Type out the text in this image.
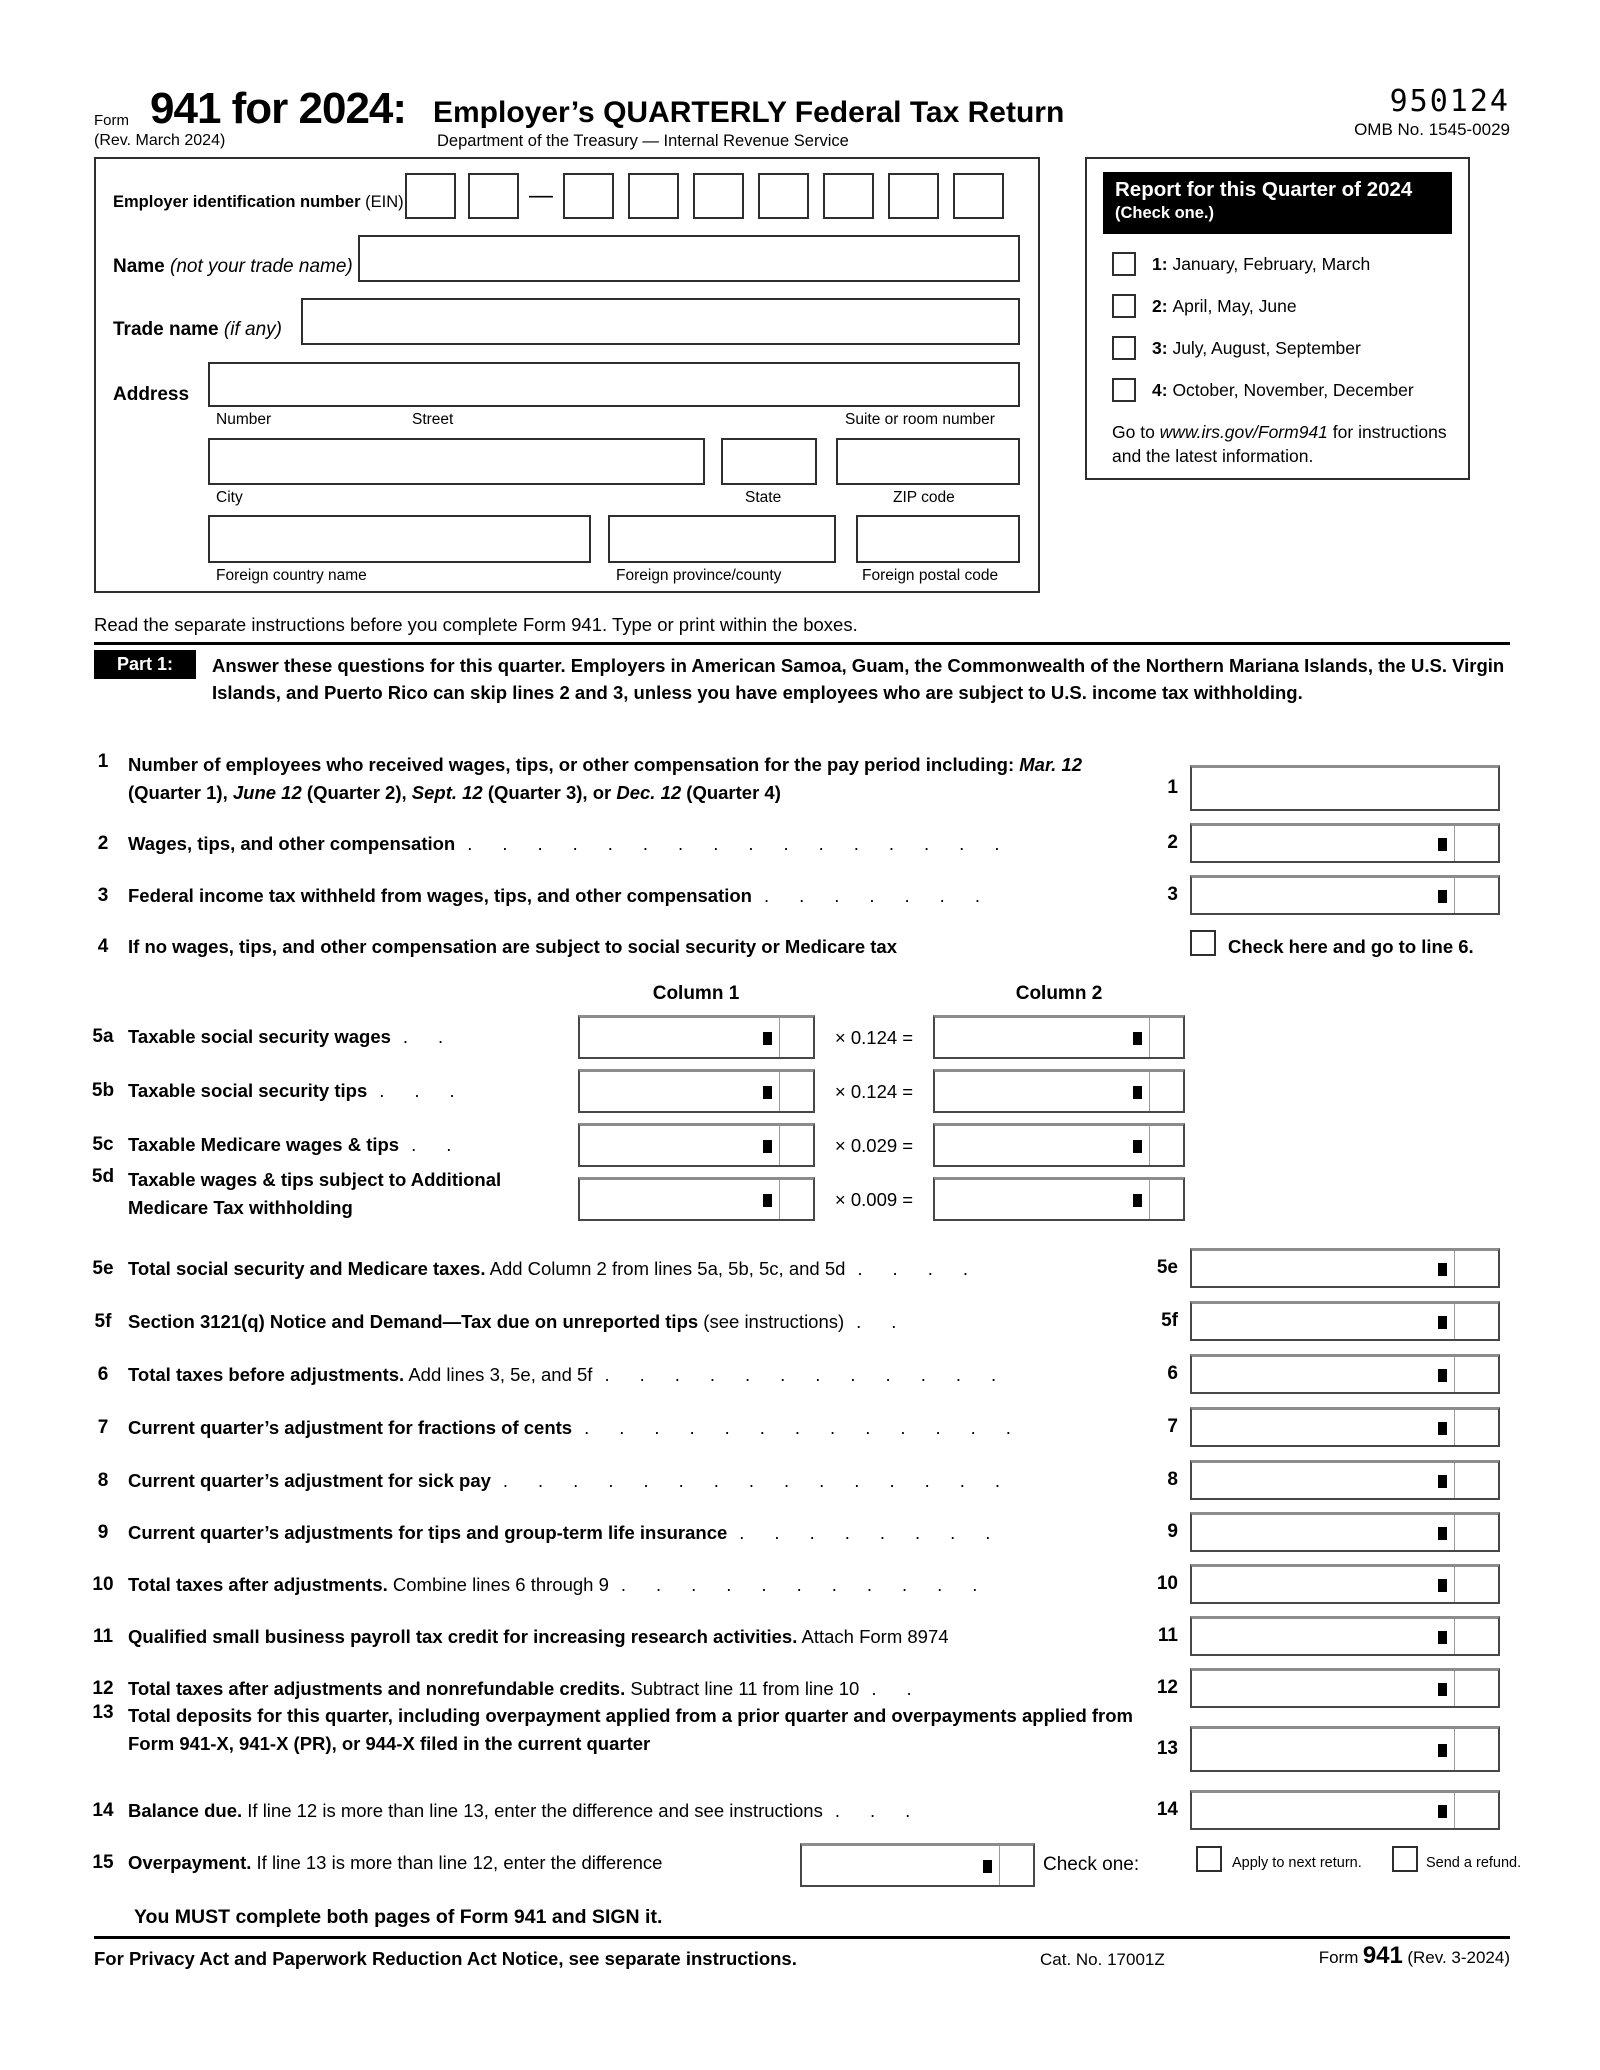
Form 941 for 2024:
(Rev. March 2024)
Employer’s QUARTERLY Federal Tax Return
Department of the Treasury — Internal Revenue Service
950124
OMB No. 1545-0029
Employer identification number (EIN)	—
Name (not your trade name)
Trade name (if any)
Address
Number	Street	Suite or room number
City	State	ZIP code
Foreign country name	Foreign province/county	Foreign postal code
Report for this Quarter of 2024
(Check one.)
Go to www.irs.gov/Form941 for instructions and the latest information.
Read the separate instructions before you complete Form 941. Type or print within the boxes.
Part 1:	Answer these questions for this quarter. Employers in American Samoa, Guam, the Commonwealth of the Northern Mariana Islands, the U.S. Virgin Islands, and Puerto Rico can skip lines 2 and 3, unless you have employees who are subject to U.S. income tax withholding.
Column 1	Column 2
You MUST complete both pages of Form 941 and SIGN it.
For Privacy Act and Paperwork Reduction Act Notice, see separate instructions.	Cat. No. 17001Z	Form 941 (Rev. 3-2024)
1: January, February, March
2: April, May, June
3: July, August, September
4: October, November, December
1	Number of employees who received wages, tips, or other compensation for the pay period including: Mar. 12 (Quarter 1), June 12 (Quarter 2), Sept. 12 (Quarter 3), or Dec. 12 (Quarter 4)	1
2	Wages, tips, and other compensation ................	2
3	Federal income tax withheld from wages, tips, and other compensation .......	3
4	If no wages, tips, and other compensation are subject to social security or Medicare tax	Check here and go to line 6.
5a Taxable social security wages ..	× 0.124 =
5b Taxable social security tips ...	× 0.124 =
5c Taxable Medicare wages & tips ..	× 0.029 =
5d Taxable wages & tips subject to Additional Medicare Tax withholding	× 0.009 =
5e Total social security and Medicare taxes. Add Column 2 from lines 5a, 5b, 5c, and 5d ....	5e
5f Section 3121(q) Notice and Demand—Tax due on unreported tips (see instructions) ..	5f
6	Total taxes before adjustments. Add lines 3, 5e, and 5f ............	6
7	Current quarter’s adjustment for fractions of cents .............	7
8	Current quarter’s adjustment for sick pay ...............	8
9	Current quarter’s adjustments for tips and group-term life insurance ........	9
10 Total taxes after adjustments. Combine lines 6 through 9 ...........	10
11 Qualified small business payroll tax credit for increasing research activities. Attach Form 8974	11
12 Total taxes after adjustments and nonrefundable credits. Subtract line 11 from line 10 ..	12
13 Total deposits for this quarter, including overpayment applied from a prior quarter and overpayments applied from Form 941-X, 941-X (PR), or 944-X filed in the current quarter	13
14 Balance due. If line 12 is more than line 13, enter the difference and see instructions ...	14
15 Overpayment. If line 13 is more than line 12, enter the difference	Check one:	Apply to next return.	Send a refund.
